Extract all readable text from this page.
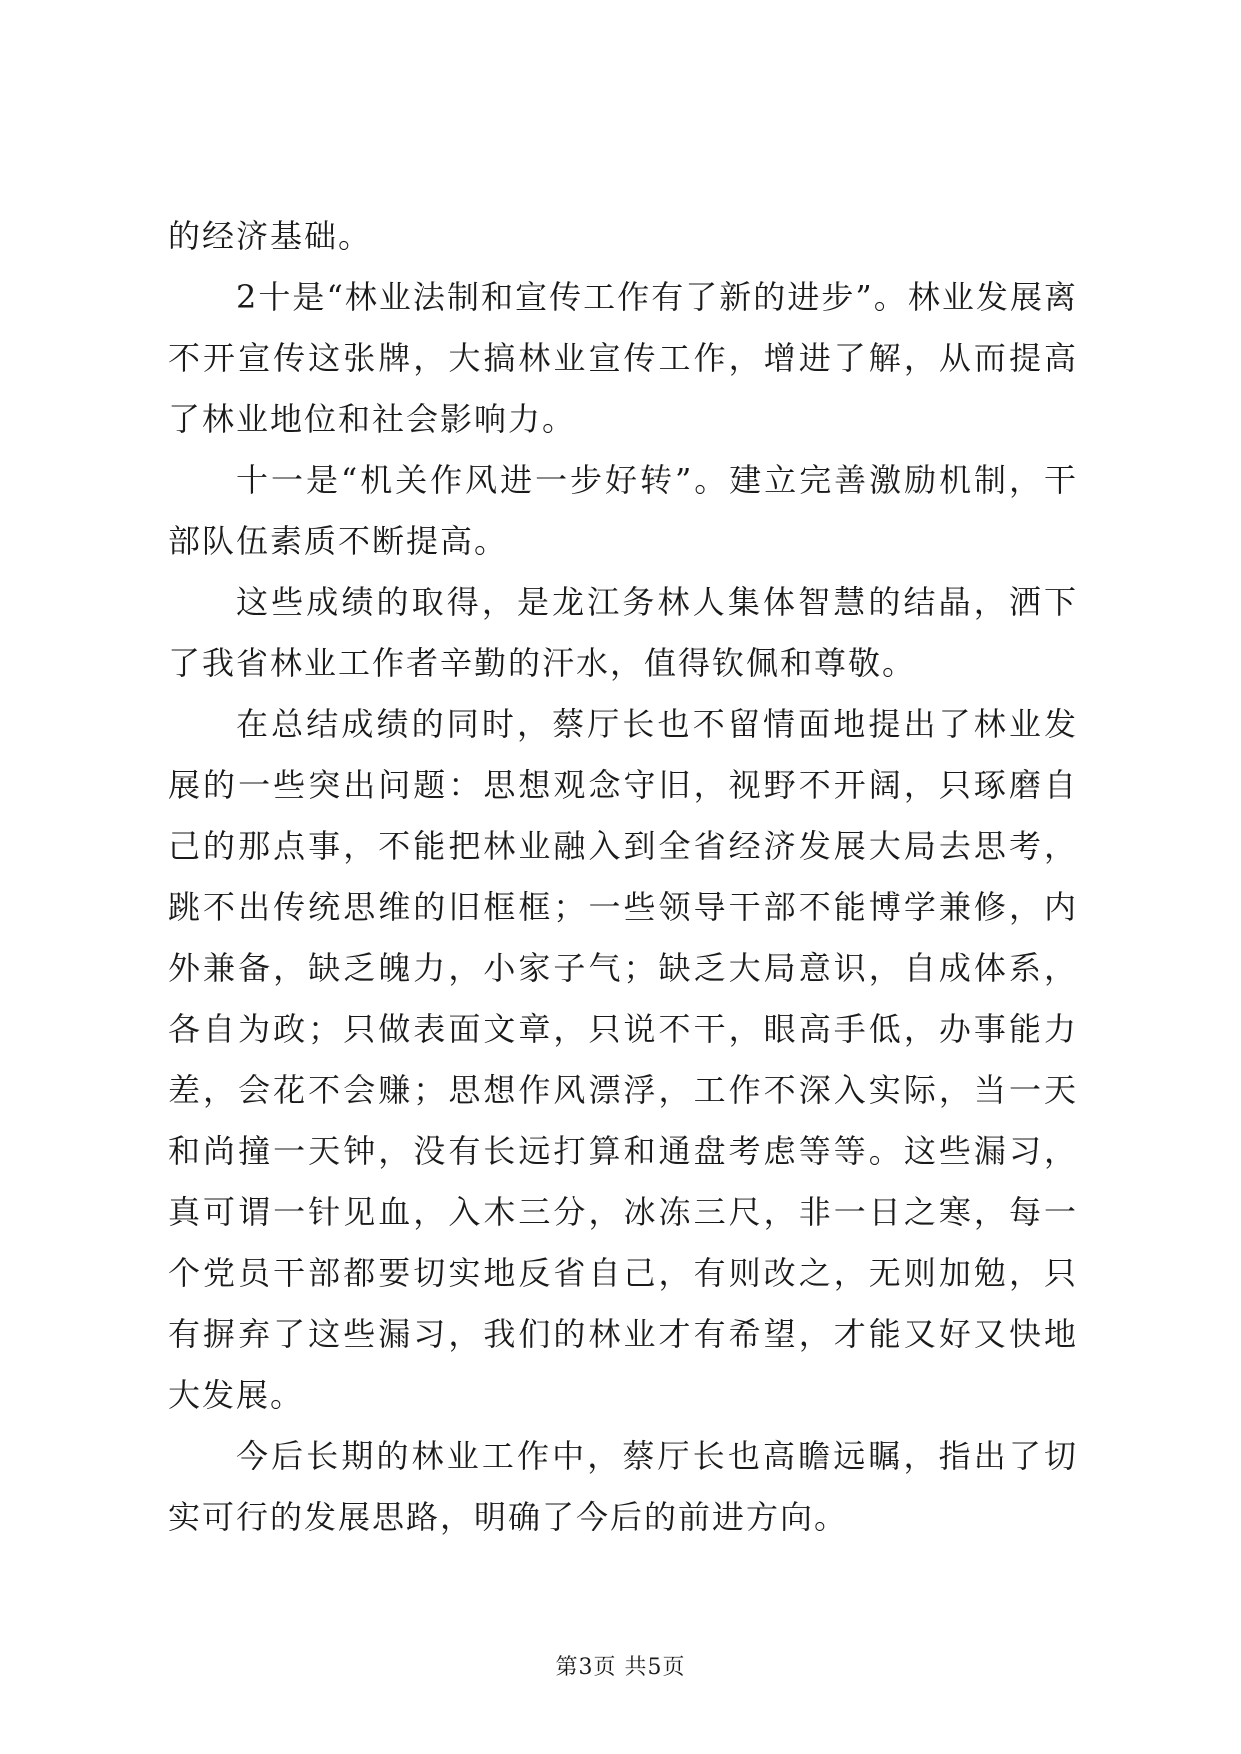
的经济基础。

2十是“林业法制和宣传工作有了新的进步”。林业发展离不开宣传这张牌，大搞林业宣传工作，增进了解，从而提高了林业地位和社会影响力。

十一是“机关作风进一步好转”。建立完善激励机制，干部队伍素质不断提高。

这些成绩的取得，是龙江务林人集体智慧的结晶，洒下了我省林业工作者辛勤的汗水，值得钦佩和尊敬。

在总结成绩的同时，蔡厅长也不留情面地提出了林业发展的一些突出问题：思想观念守旧，视野不开阔，只琢磨自己的那点事，不能把林业融入到全省经济发展大局去思考，跳不出传统思维的旧框框；一些领导干部不能博学兼修，内外兼备，缺乏魄力，小家子气；缺乏大局意识，自成体系，各自为政；只做表面文章，只说不干，眼高手低，办事能力差，会花不会赚；思想作风漂浮，工作不深入实际，当一天和尚撞一天钟，没有长远打算和通盘考虑等等。这些漏习，真可谓一针见血，入木三分，冰冻三尺，非一日之寒，每一个党员干部都要切实地反省自己，有则改之，无则加勉，只有摒弃了这些漏习，我们的林业才有希望，才能又好又快地大发展。

今后长期的林业工作中，蔡厅长也高瞻远瞩，指出了切实可行的发展思路，明确了今后的前进方向。

第3页 共5页
